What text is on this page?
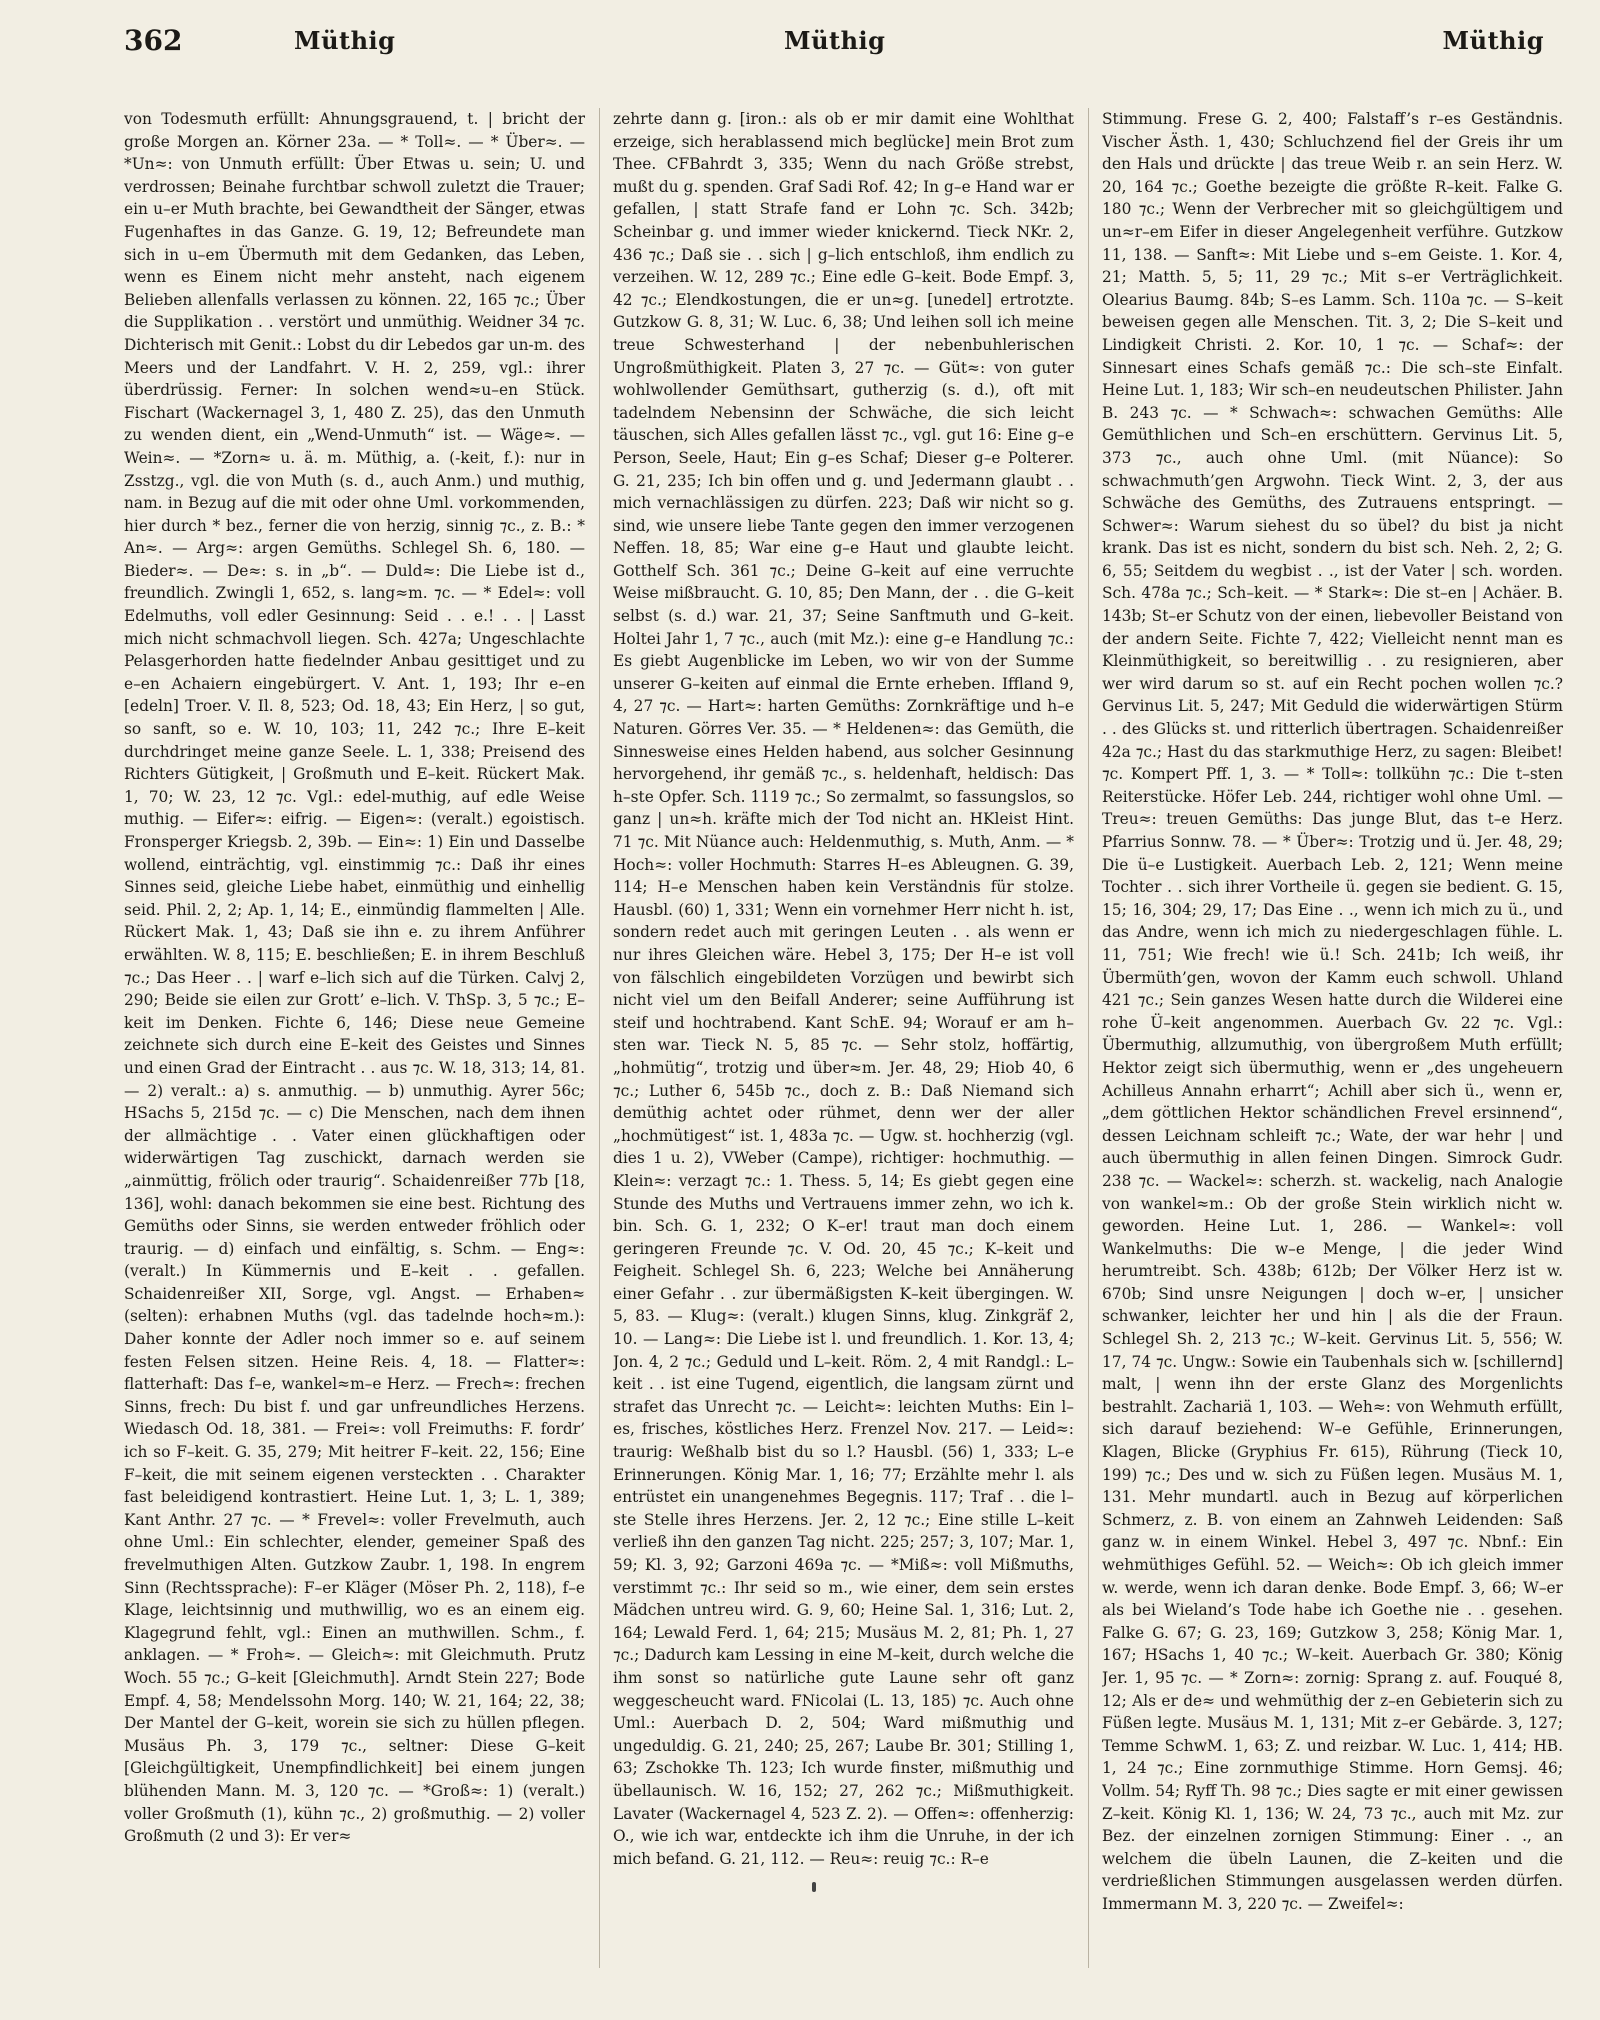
362	Müthig	Müthig	Müthig

von Todesmuth erfüllt: Ahnungsgrauend, t. | bricht der große Morgen an. Körner 23a. — * Toll≈. — * Über≈. — *Un≈: von Unmuth erfüllt: Über Etwas u. sein; U. und verdrossen; Beinahe furchtbar schwoll zuletzt die Trauer; ein u–er Muth brachte, bei Gewandtheit der Sänger, etwas Fugenhaftes in das Ganze. G. 19, 12; Befreundete man sich in u–em Übermuth mit dem Gedanken, das Leben, wenn es Einem nicht mehr ansteht, nach eigenem Belieben allenfalls verlassen zu können. 22, 165 ⁊c.; Über die Supplikation . . verstört und unmüthig. Weidner 34 ⁊c. Dichterisch mit Genit.: Lobst du dir Lebedos gar un-m. des Meers und der Landfahrt. V. H. 2, 259, vgl.: ihrer überdrüssig. Ferner: In solchen wend≈u–en Stück. Fischart (Wackernagel 3, 1, 480 Z. 25), das den Unmuth zu wenden dient, ein „Wend-Unmuth“ ist. — Wäge≈. — Wein≈. — *Zorn≈ u. ä. m. Müthig, a. (-keit, f.): nur in Zsstzg., vgl. die von Muth (s. d., auch Anm.) und muthig, nam. in Bezug auf die mit oder ohne Uml. vorkommenden, hier durch * bez., ferner die von herzig, sinnig ⁊c., z. B.: * An≈. — Arg≈: argen Gemüths. Schlegel Sh. 6, 180. — Bieder≈. — De≈: s. in „b“. — Duld≈: Die Liebe ist d., freundlich. Zwingli 1, 652, s. lang≈m. ⁊c. — * Edel≈: voll Edelmuths, voll edler Gesinnung: Seid . . e.! . . | Lasst mich nicht schmachvoll liegen. Sch. 427a; Ungeschlachte Pelasgerhorden hatte fiedelnder Anbau gesittiget und zu e–en Achaiern eingebürgert. V. Ant. 1, 193; Ihr e–en [edeln] Troer. V. Il. 8, 523; Od. 18, 43; Ein Herz, | so gut, so sanft, so e. W. 10, 103; 11, 242 ⁊c.; Ihre E–keit durchdringet meine ganze Seele. L. 1, 338; Preisend des Richters Gütigkeit, | Großmuth und E–keit. Rückert Mak. 1, 70; W. 23, 12 ⁊c. Vgl.: edel-muthig, auf edle Weise muthig. — Eifer≈: eifrig. — Eigen≈: (veralt.) egoistisch. Fronsperger Kriegsb. 2, 39b. — Ein≈: 1) Ein und Dasselbe wollend, einträchtig, vgl. einstimmig ⁊c.: Daß ihr eines Sinnes seid, gleiche Liebe habet, einmüthig und einhellig seid. Phil. 2, 2; Ap. 1, 14; E., einmündig flammelten | Alle. Rückert Mak. 1, 43; Daß sie ihn e. zu ihrem Anführer erwählten. W. 8, 115; E. beschließen; E. in ihrem Beschluß ⁊c.; Das Heer . . | warf e–lich sich auf die Türken. Calvj 2, 290; Beide sie eilen zur Grott’ e–lich. V. ThSp. 3, 5 ⁊c.; E–keit im Denken. Fichte 6, 146; Diese neue Gemeine zeichnete sich durch eine E–keit des Geistes und Sinnes und einen Grad der Eintracht . . aus ⁊c. W. 18, 313; 14, 81. — 2) veralt.: a) s. anmuthig. — b) unmuthig. Ayrer 56c; HSachs 5, 215d ⁊c. — c) Die Menschen, nach dem ihnen der allmächtige . . Vater einen glückhaftigen oder widerwärtigen Tag zuschickt, darnach werden sie „ainmüttig, frölich oder traurig“. Schaidenreißer 77b [18, 136], wohl: danach bekommen sie eine best. Richtung des Gemüths oder Sinns, sie werden entweder fröhlich oder traurig. — d) einfach und einfältig, s. Schm. — Eng≈: (veralt.) In Kümmernis und E–keit . . gefallen. Schaidenreißer XII, Sorge, vgl. Angst. — Erhaben≈ (selten): erhabnen Muths (vgl. das tadelnde hoch≈m.): Daher konnte der Adler noch immer so e. auf seinem festen Felsen sitzen. Heine Reis. 4, 18. — Flatter≈: flatterhaft: Das f–e, wankel≈m–e Herz. — Frech≈: frechen Sinns, frech: Du bist f. und gar unfreundliches Herzens. Wiedasch Od. 18, 381. — Frei≈: voll Freimuths: F. fordr’ ich so F–keit. G. 35, 279; Mit heitrer F–keit. 22, 156; Eine F–keit, die mit seinem eigenen versteckten . . Charakter fast beleidigend kontrastiert. Heine Lut. 1, 3; L. 1, 389; Kant Anthr. 27 ⁊c. — * Frevel≈: voller Frevelmuth, auch ohne Uml.: Ein schlechter, elender, gemeiner Spaß des frevelmuthigen Alten. Gutzkow Zaubr. 1, 198. In engrem Sinn (Rechtssprache): F–er Kläger (Möser Ph. 2, 118), f–e Klage, leichtsinnig und muthwillig, wo es an einem eig. Klagegrund fehlt, vgl.: Einen an muthwillen. Schm., f. anklagen. — * Froh≈. — Gleich≈: mit Gleichmuth. Prutz Woch. 55 ⁊c.; G–keit [Gleichmuth]. Arndt Stein 227; Bode Empf. 4, 58; Mendelssohn Morg. 140; W. 21, 164; 22, 38; Der Mantel der G–keit, worein sie sich zu hüllen pflegen. Musäus Ph. 3, 179 ⁊c., seltner: Diese G–keit [Gleichgültigkeit, Unempfindlichkeit] bei einem jungen blühenden Mann. M. 3, 120 ⁊c. — *Groß≈: 1) (veralt.) voller Großmuth (1), kühn ⁊c., 2) großmuthig. — 2) voller Großmuth (2 und 3): Er ver≈

zehrte dann g. [iron.: als ob er mir damit eine Wohlthat erzeige, sich herablassend mich beglücke] mein Brot zum Thee. CFBahrdt 3, 335; Wenn du nach Größe strebst, mußt du g. spenden. Graf Sadi Rof. 42; In g–e Hand war er gefallen, | statt Strafe fand er Lohn ⁊c. Sch. 342b; Scheinbar g. und immer wieder knickernd. Tieck NKr. 2, 436 ⁊c.; Daß sie . . sich | g–lich entschloß, ihm endlich zu verzeihen. W. 12, 289 ⁊c.; Eine edle G–keit. Bode Empf. 3, 42 ⁊c.; Elendkostungen, die er un≈g. [unedel] ertrotzte. Gutzkow G. 8, 31; W. Luc. 6, 38; Und leihen soll ich meine treue Schwesterhand | der nebenbuhlerischen Ungroßmüthigkeit. Platen 3, 27 ⁊c. — Güt≈: von guter wohlwollender Gemüthsart, gutherzig (s. d.), oft mit tadelndem Nebensinn der Schwäche, die sich leicht täuschen, sich Alles gefallen lässt ⁊c., vgl. gut 16: Eine g–e Person, Seele, Haut; Ein g–es Schaf; Dieser g–e Polterer. G. 21, 235; Ich bin offen und g. und Jedermann glaubt . . mich vernachlässigen zu dürfen. 223; Daß wir nicht so g. sind, wie unsere liebe Tante gegen den immer verzogenen Neffen. 18, 85; War eine g–e Haut und glaubte leicht. Gotthelf Sch. 361 ⁊c.; Deine G–keit auf eine verruchte Weise mißbraucht. G. 10, 85; Den Mann, der . . die G–keit selbst (s. d.) war. 21, 37; Seine Sanftmuth und G–keit. Holtei Jahr 1, 7 ⁊c., auch (mit Mz.): eine g–e Handlung ⁊c.: Es giebt Augenblicke im Leben, wo wir von der Summe unserer G–keiten auf einmal die Ernte erheben. Iffland 9, 4, 27 ⁊c. — Hart≈: harten Gemüths: Zornkräftige und h–e Naturen. Görres Ver. 35. — * Heldenen≈: das Gemüth, die Sinnesweise eines Helden habend, aus solcher Gesinnung hervorgehend, ihr gemäß ⁊c., s. heldenhaft, heldisch: Das h–ste Opfer. Sch. 1119 ⁊c.; So zermalmt, so fassungslos, so ganz | un≈h. kräfte mich der Tod nicht an. HKleist Hint. 71 ⁊c. Mit Nüance auch: Heldenmuthig, s. Muth, Anm. — * Hoch≈: voller Hochmuth: Starres H–es Ableugnen. G. 39, 114; H–e Menschen haben kein Verständnis für stolze. Hausbl. (60) 1, 331; Wenn ein vornehmer Herr nicht h. ist, sondern redet auch mit geringen Leuten . . als wenn er nur ihres Gleichen wäre. Hebel 3, 175; Der H–e ist voll von fälschlich eingebildeten Vorzügen und bewirbt sich nicht viel um den Beifall Anderer; seine Aufführung ist steif und hochtrabend. Kant SchE. 94; Worauf er am h–sten war. Tieck N. 5, 85 ⁊c. — Sehr stolz, hoffärtig, „hohmütig“, trotzig und über≈m. Jer. 48, 29; Hiob 40, 6 ⁊c.; Luther 6, 545b ⁊c., doch z. B.: Daß Niemand sich demüthig achtet oder rühmet, denn wer der aller „hochmütigest“ ist. 1, 483a ⁊c. — Ugw. st. hochherzig (vgl. dies 1 u. 2), VWeber (Campe), richtiger: hochmuthig. — Klein≈: verzagt ⁊c.: 1. Thess. 5, 14; Es giebt gegen eine Stunde des Muths und Vertrauens immer zehn, wo ich k. bin. Sch. G. 1, 232; O K–er! traut man doch einem geringeren Freunde ⁊c. V. Od. 20, 45 ⁊c.; K–keit und Feigheit. Schlegel Sh. 6, 223; Welche bei Annäherung einer Gefahr . . zur übermäßigsten K–keit übergingen. W. 5, 83. — Klug≈: (veralt.) klugen Sinns, klug. Zinkgräf 2, 10. — Lang≈: Die Liebe ist l. und freundlich. 1. Kor. 13, 4; Jon. 4, 2 ⁊c.; Geduld und L–keit. Röm. 2, 4 mit Randgl.: L–keit . . ist eine Tugend, eigentlich, die langsam zürnt und strafet das Unrecht ⁊c. — Leicht≈: leichten Muths: Ein l–es, frisches, köstliches Herz. Frenzel Nov. 217. — Leid≈: traurig: Weßhalb bist du so l.? Hausbl. (56) 1, 333; L–e Erinnerungen. König Mar. 1, 16; 77; Erzählte mehr l. als entrüstet ein unangenehmes Begegnis. 117; Traf . . die l–ste Stelle ihres Herzens. Jer. 2, 12 ⁊c.; Eine stille L–keit verließ ihn den ganzen Tag nicht. 225; 257; 3, 107; Mar. 1, 59; Kl. 3, 92; Garzoni 469a ⁊c. — *Miß≈: voll Mißmuths, verstimmt ⁊c.: Ihr seid so m., wie einer, dem sein erstes Mädchen untreu wird. G. 9, 60; Heine Sal. 1, 316; Lut. 2, 164; Lewald Ferd. 1, 64; 215; Musäus M. 2, 81; Ph. 1, 27 ⁊c.; Dadurch kam Lessing in eine M–keit, durch welche die ihm sonst so natürliche gute Laune sehr oft ganz weggescheucht ward. FNicolai (L. 13, 185) ⁊c. Auch ohne Uml.: Auerbach D. 2, 504; Ward mißmuthig und ungeduldig. G. 21, 240; 25, 267; Laube Br. 301; Stilling 1, 63; Zschokke Th. 123; Ich wurde finster, mißmuthig und übellaunisch. W. 16, 152; 27, 262 ⁊c.; Mißmuthigkeit. Lavater (Wackernagel 4, 523 Z. 2). — Offen≈: offenherzig: O., wie ich war, entdeckte ich ihm die Unruhe, in der ich mich befand. G. 21, 112. — Reu≈: reuig ⁊c.: R–e

Stimmung. Frese G. 2, 400; Falstaff’s r–es Geständnis. Vischer Ästh. 1, 430; Schluchzend fiel der Greis ihr um den Hals und drückte | das treue Weib r. an sein Herz. W. 20, 164 ⁊c.; Goethe bezeigte die größte R–keit. Falke G. 180 ⁊c.; Wenn der Verbrecher mit so gleichgültigem und un≈r–em Eifer in dieser Angelegenheit verführe. Gutzkow 11, 138. — Sanft≈: Mit Liebe und s–em Geiste. 1. Kor. 4, 21; Matth. 5, 5; 11, 29 ⁊c.; Mit s–er Verträglichkeit. Olearius Baumg. 84b; S–es Lamm. Sch. 110a ⁊c. — S–keit beweisen gegen alle Menschen. Tit. 3, 2; Die S–keit und Lindigkeit Christi. 2. Kor. 10, 1 ⁊c. — Schaf≈: der Sinnesart eines Schafs gemäß ⁊c.: Die sch–ste Einfalt. Heine Lut. 1, 183; Wir sch–en neudeutschen Philister. Jahn B. 243 ⁊c. — * Schwach≈: schwachen Gemüths: Alle Gemüthlichen und Sch–en erschüttern. Gervinus Lit. 5, 373 ⁊c., auch ohne Uml. (mit Nüance): So schwachmuth’gen Argwohn. Tieck Wint. 2, 3, der aus Schwäche des Gemüths, des Zutrauens entspringt. — Schwer≈: Warum siehest du so übel? du bist ja nicht krank. Das ist es nicht, sondern du bist sch. Neh. 2, 2; G. 6, 55; Seitdem du wegbist . ., ist der Vater | sch. worden. Sch. 478a ⁊c.; Sch–keit. — * Stark≈: Die st–en | Achäer. B. 143b; St–er Schutz von der einen, liebevoller Beistand von der andern Seite. Fichte 7, 422; Vielleicht nennt man es Kleinmüthigkeit, so bereitwillig . . zu resignieren, aber wer wird darum so st. auf ein Recht pochen wollen ⁊c.? Gervinus Lit. 5, 247; Mit Geduld die widerwärtigen Stürm . . des Glücks st. und ritterlich übertragen. Schaidenreißer 42a ⁊c.; Hast du das starkmuthige Herz, zu sagen: Bleibet! ⁊c. Kompert Pff. 1, 3. — * Toll≈: tollkühn ⁊c.: Die t–sten Reiterstücke. Höfer Leb. 244, richtiger wohl ohne Uml. — Treu≈: treuen Gemüths: Das junge Blut, das t–e Herz. Pfarrius Sonnw. 78. — * Über≈: Trotzig und ü. Jer. 48, 29; Die ü–e Lustigkeit. Auerbach Leb. 2, 121; Wenn meine Tochter . . sich ihrer Vortheile ü. gegen sie bedient. G. 15, 15; 16, 304; 29, 17; Das Eine . ., wenn ich mich zu ü., und das Andre, wenn ich mich zu niedergeschlagen fühle. L. 11, 751; Wie frech! wie ü.! Sch. 241b; Ich weiß, ihr Übermüth’gen, wovon der Kamm euch schwoll. Uhland 421 ⁊c.; Sein ganzes Wesen hatte durch die Wilderei eine rohe Ü–keit angenommen. Auerbach Gv. 22 ⁊c. Vgl.: Übermuthig, allzumuthig, von übergroßem Muth erfüllt; Hektor zeigt sich übermuthig, wenn er „des ungeheuern Achilleus Annahn erharrt“; Achill aber sich ü., wenn er, „dem göttlichen Hektor schändlichen Frevel ersinnend“, dessen Leichnam schleift ⁊c.; Wate, der war hehr | und auch übermuthig in allen feinen Dingen. Simrock Gudr. 238 ⁊c. — Wackel≈: scherzh. st. wackelig, nach Analogie von wankel≈m.: Ob der große Stein wirklich nicht w. geworden. Heine Lut. 1, 286. — Wankel≈: voll Wankelmuths: Die w–e Menge, | die jeder Wind herumtreibt. Sch. 438b; 612b; Der Völker Herz ist w. 670b; Sind unsre Neigungen | doch w–er, | unsicher schwanker, leichter her und hin | als die der Fraun. Schlegel Sh. 2, 213 ⁊c.; W–keit. Gervinus Lit. 5, 556; W. 17, 74 ⁊c. Ungw.: Sowie ein Taubenhals sich w. [schillernd] malt, | wenn ihn der erste Glanz des Morgenlichts bestrahlt. Zachariä 1, 103. — Weh≈: von Wehmuth erfüllt, sich darauf beziehend: W–e Gefühle, Erinnerungen, Klagen, Blicke (Gryphius Fr. 615), Rührung (Tieck 10, 199) ⁊c.; Des und w. sich zu Füßen legen. Musäus M. 1, 131. Mehr mundartl. auch in Bezug auf körperlichen Schmerz, z. B. von einem an Zahnweh Leidenden: Saß ganz w. in einem Winkel. Hebel 3, 497 ⁊c. Nbnf.: Ein wehmüthiges Gefühl. 52. — Weich≈: Ob ich gleich immer w. werde, wenn ich daran denke. Bode Empf. 3, 66; W–er als bei Wieland’s Tode habe ich Goethe nie . . gesehen. Falke G. 67; G. 23, 169; Gutzkow 3, 258; König Mar. 1, 167; HSachs 1, 40 ⁊c.; W–keit. Auerbach Gr. 380; König Jer. 1, 95 ⁊c. — * Zorn≈: zornig: Sprang z. auf. Fouqué 8, 12; Als er de≈ und wehmüthig der z–en Gebieterin sich zu Füßen legte. Musäus M. 1, 131; Mit z–er Gebärde. 3, 127; Temme SchwM. 1, 63; Z. und reizbar. W. Luc. 1, 414; HB. 1, 24 ⁊c.; Eine zornmuthige Stimme. Horn Gemsj. 46; Vollm. 54; Ryff Th. 98 ⁊c.; Dies sagte er mit einer gewissen Z–keit. König Kl. 1, 136; W. 24, 73 ⁊c., auch mit Mz. zur Bez. der einzelnen zornigen Stimmung: Einer . ., an welchem die übeln Launen, die Z–keiten und die verdrießlichen Stimmungen ausgelassen werden dürfen. Immermann M. 3, 220 ⁊c. — Zweifel≈:
